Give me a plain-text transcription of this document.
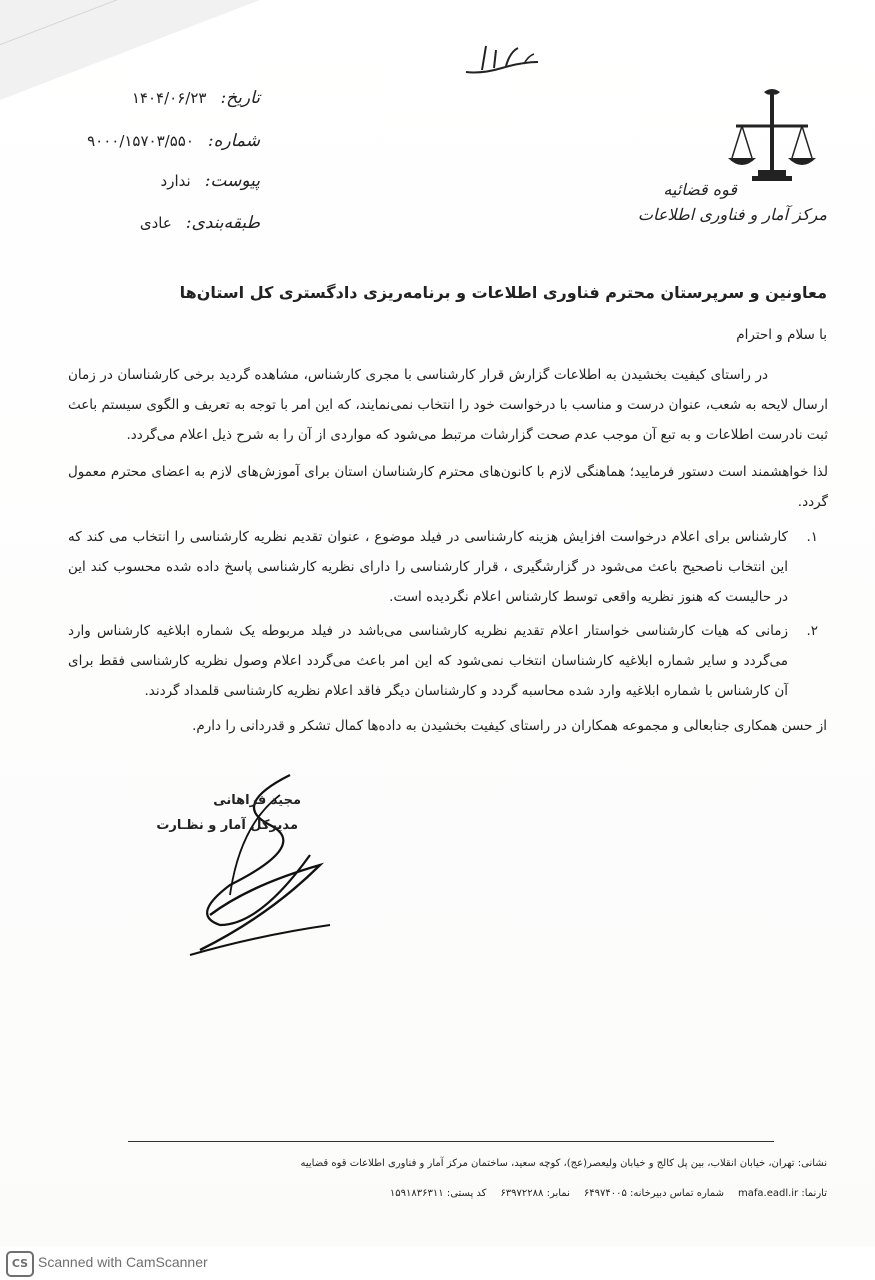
قوه قضائیه
مرکز آمار و فناوری اطلاعات
تاریخ:۱۴۰۴/۰۶/۲۳
شماره:۹۰۰۰/۱۵۷۰۳/۵۵۰
پیوست:ندارد
طبقه‌بندی:عادی
معاونین و سرپرستان محترم فناوری اطلاعات و برنامه‌ریزی دادگستری کل استان‌ها
با سلام و احترام
در راستای کیفیت بخشیدن به اطلاعات گزارش قرار کارشناسی با مجری کارشناس، مشاهده گردید برخی کارشناسان در زمان ارسال لایحه به شعب، عنوان درست و مناسب با درخواست خود را انتخاب نمی‌نمایند، که این امر با توجه به تعریف و الگوی سیستم باعث ثبت نادرست اطلاعات و به تبع آن موجب عدم صحت گزارشات مرتبط می‌شود که مواردی از آن را به شرح ذیل اعلام می‌گردد.
لذا خواهشمند است دستور فرمایید؛ هماهنگی لازم با کانون‌های محترم کارشناسان استان برای آموزش‌های لازم به اعضای محترم معمول گردد.
۱.
کارشناس برای اعلام درخواست افزایش هزینه کارشناسی در فیلد موضوع ، عنوان تقدیم نظریه کارشناسی را انتخاب می کند که این انتخاب ناصحیح باعث می‌شود در گزارشگیری ، قرار کارشناسی را دارای نظریه کارشناسی پاسخ داده شده محسوب کند این در حالیست که هنوز نظریه واقعی توسط کارشناس اعلام نگردیده است.
۲.
زمانی که هیات کارشناسی خواستار اعلام تقدیم نظریه کارشناسی می‌باشد در فیلد مربوطه یک شماره ابلاغیه کارشناس وارد می‌گردد و سایر شماره ابلاغیه کارشناسان انتخاب نمی‌شود که این امر باعث می‌گردد اعلام وصول نظریه کارشناسی فقط برای آن کارشناس با شماره ابلاغیه وارد شده محاسبه گردد و کارشناسان دیگر فاقد اعلام نظریه کارشناسی قلمداد گردند.
از حسن همکاری جنابعالی و مجموعه همکاران در راستای کیفیت بخشیدن به داده‌ها کمال تشکر و قدردانی را دارم.
مجید فراهانی
مدیرکل آمار و نظـارت
نشانی: تهران، خیابان انقلاب، بین پل کالج و خیابان ولیعصر(عج)، کوچه سعید، ساختمان مرکز آمار و فناوری اطلاعات قوه قضاییه
تارنما: mafa.eadl.irشماره تماس دبیرخانه: ۶۴۹۷۴۰۰۵نمابر: ۶۳۹۷۲۲۸۸کد پستی: ۱۵۹۱۸۳۶۳۱۱
CS Scanned with CamScanner
